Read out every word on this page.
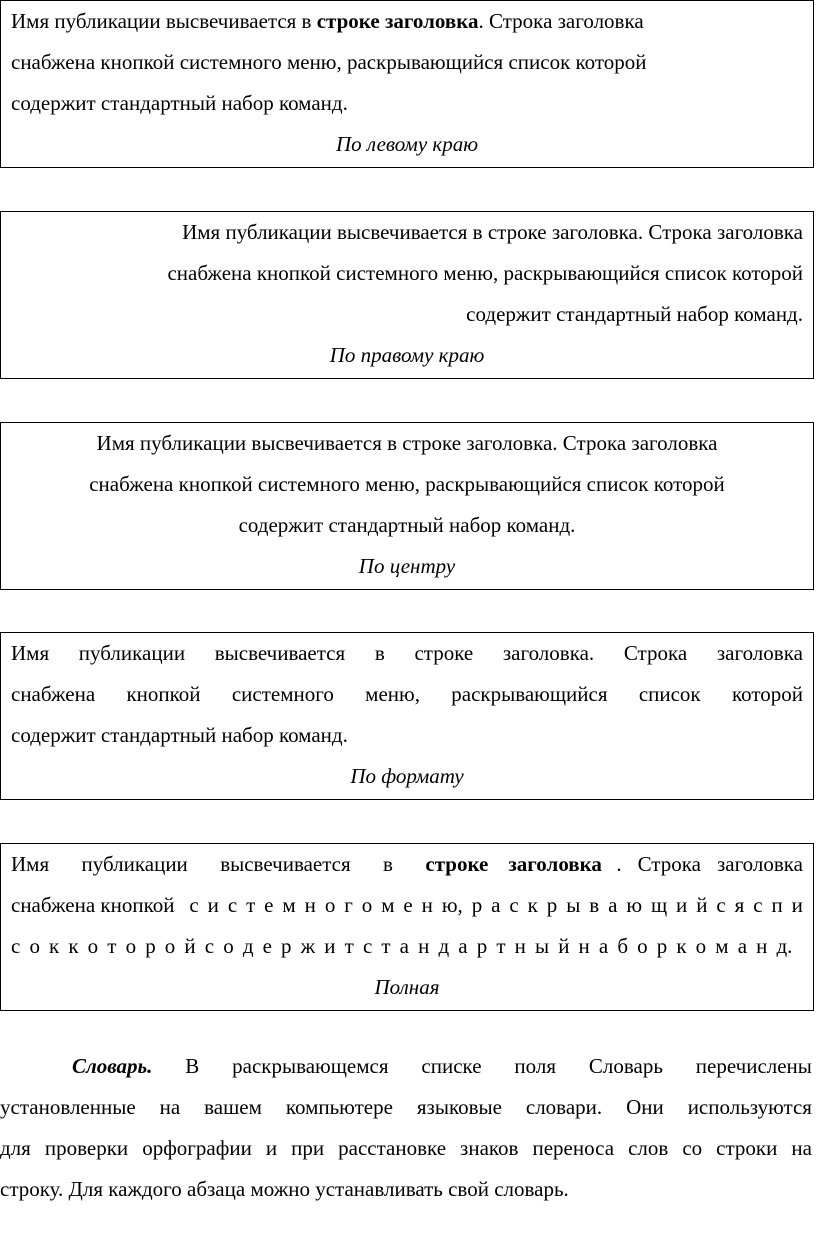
Имя публикации высвечивается в строке заголовка. Строка заголовка

снабжена кнопкой системного меню, раскрывающийся список которой

содержит стандартный набор команд.

По левому краю

Имя публикации высвечивается в строке заголовка. Строка заголовка

снабжена кнопкой системного меню, раскрывающийся список которой

содержит стандартный набор команд.

По правому краю

Имя публикации высвечивается в строке заголовка. Строка заголовка

снабжена кнопкой системного меню, раскрывающийся список которой

содержит стандартный набор команд.

По центру

Имя публикации высвечивается в строке заголовка. Строка заголовка

снабжена кнопкой системного меню, раскрывающийся список которой

содержит стандартный набор команд.

По формату

Имя публикации высвечивается в строке заголовка . Строка заголовка

снабжена кнопкой с и с т е м н о г о м е н ю, р а с к р ы в а ю щ и й с я с п и

с о к к о т о р о й с о д е р ж и т с т а н д а р т н ы й н а б о р к о м а н д.

Полная

Словарь. В раскрывающемся списке поля Словарь перечислены

установленные на вашем компьютере языковые словари. Они используются

для проверки орфографии и при расстановке знаков переноса слов со строки на

строку. Для каждого абзаца можно устанавливать свой словарь.
